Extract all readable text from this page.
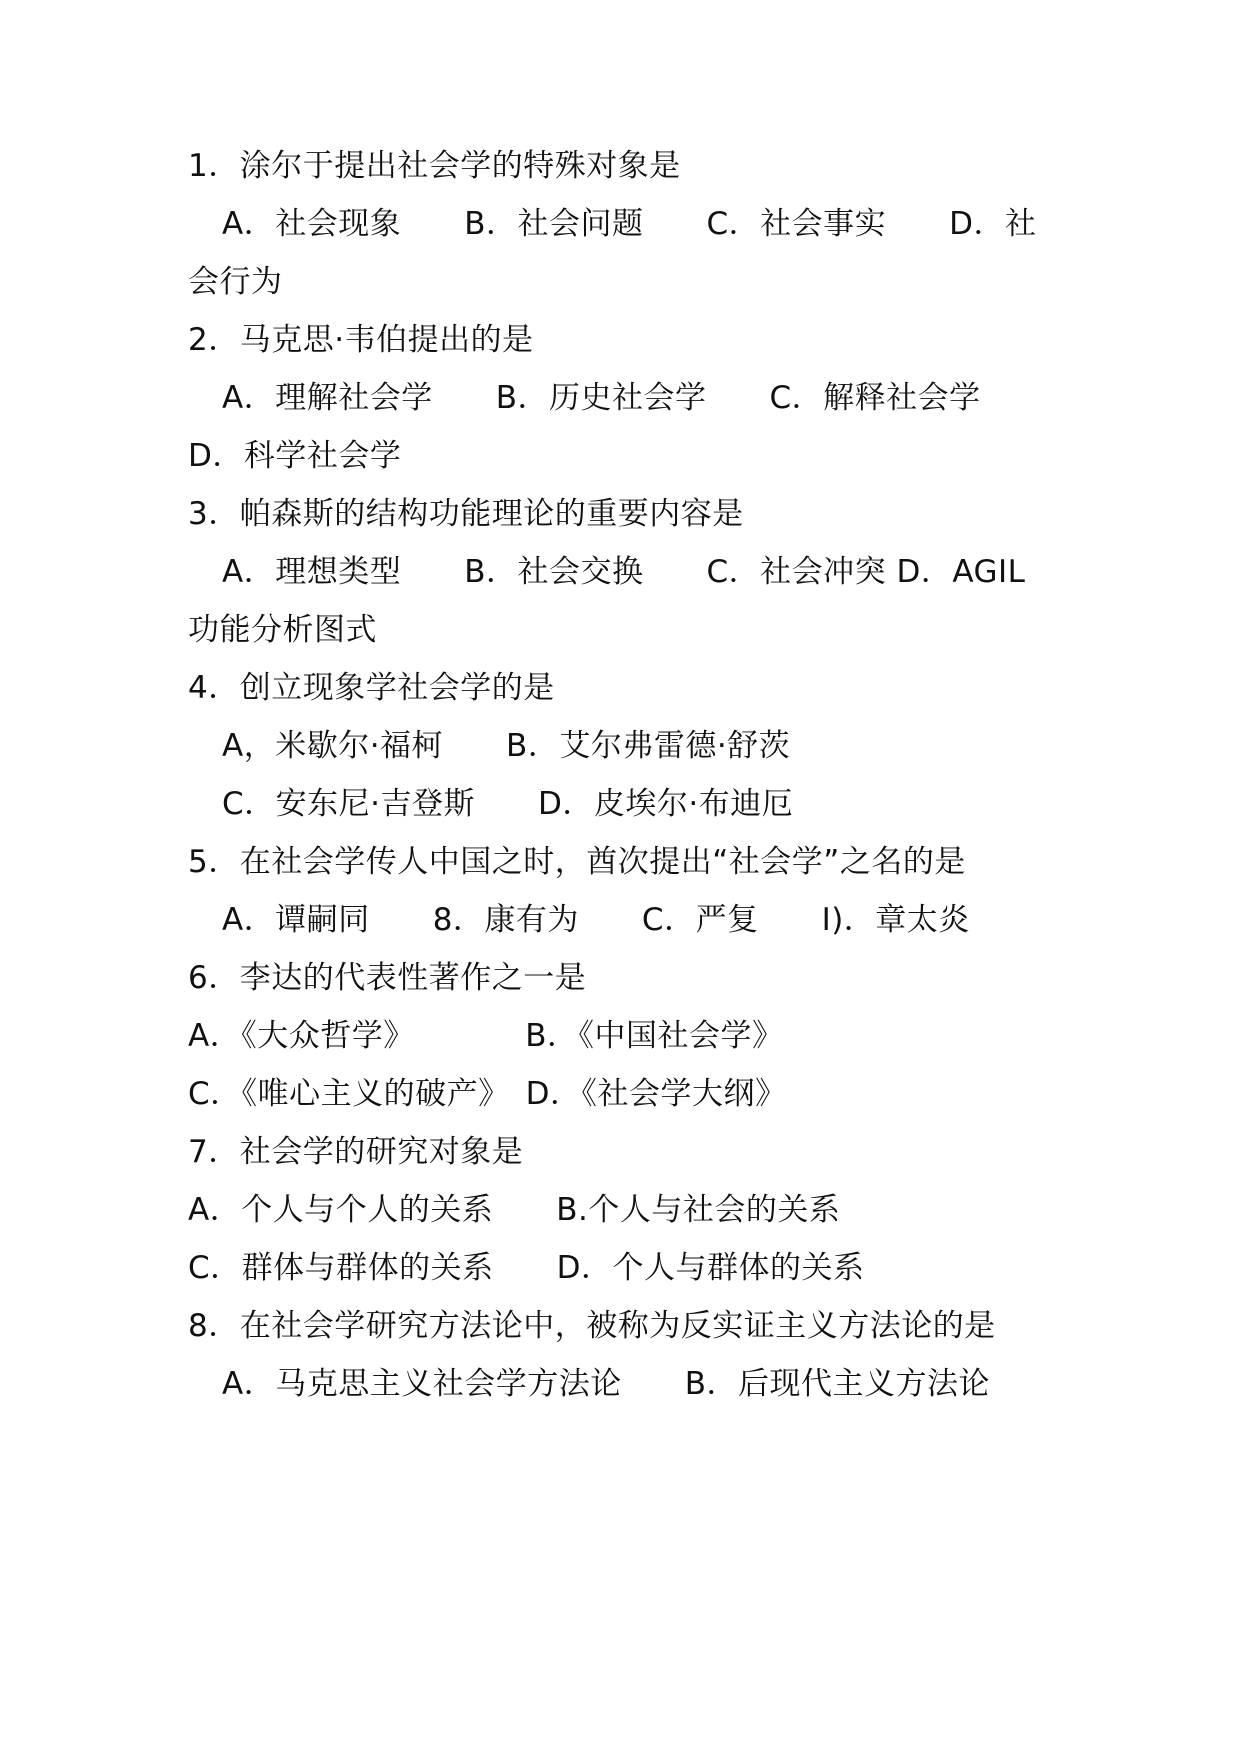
1．涂尔于提出社会学的特殊对象是
A．社会现象　　B．社会问题　　C．社会事实　　D．社
会行为
2．马克思·韦伯提出的是
A．理解社会学　　B．历史社会学　　C．解释社会学
D．科学社会学
3．帕森斯的结构功能理论的重要内容是
A．理想类型　　B．社会交换　　C．社会冲突 D．AGIL
功能分析图式
4．创立现象学社会学的是
A，米歇尔·福柯　　B．艾尔弗雷德·舒茨
C．安东尼·吉登斯　　D．皮埃尔·布迪厄
5．在社会学传人中国之时，酋次提出“社会学”之名的是
A．谭嗣同　　8．康有为　　C．严复　　I)．章太炎
6．李达的代表性著作之一是
A．《大众哲学》　　　　B．《中国社会学》
C．《唯心主义的破产》　D．《社会学大纲》
7．社会学的研究对象是
A．个人与个人的关系　　B.个人与社会的关系
C．群体与群体的关系　　D．个人与群体的关系
8．在社会学研究方法论中，被称为反实证主义方法论的是
A．马克思主义社会学方法论　　B．后现代主义方法论
